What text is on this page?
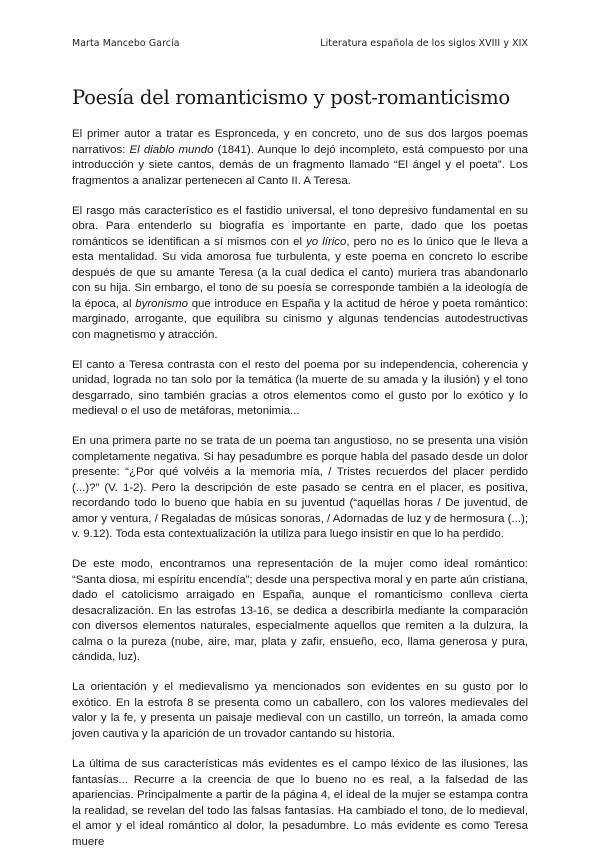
Marta Mancebo García	Literatura española de los siglos XVIII y XIX
Poesía del romanticismo y post-romanticismo

El primer autor a tratar es Espronceda, y en concreto, uno de sus dos largos poemas narrativos: El diablo mundo (1841). Aunque lo dejó incompleto, está compuesto por una introducción y siete cantos, demás de un fragmento llamado “El ángel y el poeta”. Los fragmentos a analizar pertenecen al Canto II. A Teresa.

El rasgo más característico es el fastidio universal, el tono depresivo fundamental en su obra. Para entenderlo su biografía es importante en parte, dado que los poetas románticos se identifican a sí mismos con el yo lírico, pero no es lo único que le lleva a esta mentalidad. Su vida amorosa fue turbulenta, y este poema en concreto lo escribe después de que su amante Teresa (a la cual dedica el canto) muriera tras abandonarlo con su hija. Sin embargo, el tono de su poesía se corresponde también a la ideología de la época, al byronismo que introduce en España y la actitud de héroe y poeta romántico: marginado, arrogante, que equilibra su cinismo y algunas tendencias autodestructivas con magnetismo y atracción.

El canto a Teresa contrasta con el resto del poema por su independencia, coherencia y unidad, lograda no tan solo por la temática (la muerte de su amada y la ilusión) y el tono desgarrado, sino también gracias a otros elementos como el gusto por lo exótico y lo medieval o el uso de metáforas, metonimia...

En una primera parte no se trata de un poema tan angustioso, no se presenta una visión completamente negativa. Si hay pesadumbre es porque habla del pasado desde un dolor presente: “¿Por qué volvéis a la memoria mía, / Tristes recuerdos del placer perdido (...)?” (V. 1-2). Pero la descripción de este pasado se centra en el placer, es positiva, recordando todo lo bueno que había en su juventud (“aquellas horas / De juventud, de amor y ventura, / Regaladas de músicas sonoras, / Adornadas de luz y de hermosura (...); v. 9.12). Toda esta contextualización la utiliza para luego insistir en que lo ha perdido.

De este modo, encontramos una representación de la mujer como ideal romántico: “Santa diosa, mi espíritu encendía”; desde una perspectiva moral y en parte aún cristiana, dado el catolicismo arraigado en España, aunque el romanticismo conlleva cierta desacralización. En las estrofas 13-16, se dedica a describirla mediante la comparación con diversos elementos naturales, especialmente aquellos que remiten a la dulzura, la calma o la pureza (nube, aire, mar, plata y zafir, ensueño, eco, llama generosa y pura, cándida, luz).

La orientación y el medievalismo ya mencionados son evidentes en su gusto por lo exótico. En la estrofa 8 se presenta como un caballero, con los valores medievales del valor y la fe, y presenta un paisaje medieval con un castillo, un torreón, la amada como joven cautiva y la aparición de un trovador cantando su historia.

La última de sus características más evidentes es el campo léxico de las ilusiones, las fantasías... Recurre a la creencia de que lo bueno no es real, a la falsedad de las apariencias. Principalmente a partir de la página 4, el ideal de la mujer se estampa contra la realidad, se revelan del todo las falsas fantasías. Ha cambiado el tono, de lo medieval, el amor y el ideal romántico al dolor, la pesadumbre. Lo más evidente es como Teresa muere
